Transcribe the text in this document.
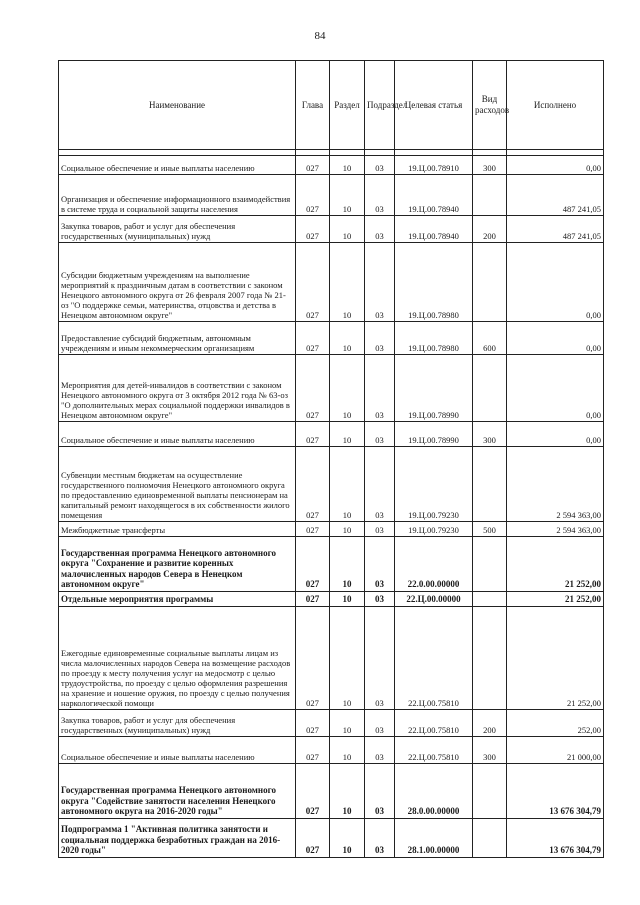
84
Наименование	Глава	Раздел	Подраздел	Целевая статья	Вид расходов	Исполнено

Социальное обеспечение и иные выплаты населению	027	10	03	19.Ц.00.78910	300	0,00
Организация и обеспечение информационного взаимодействия в системе труда и социальной защиты населения	027	10	03	19.Ц.00.78940		487 241,05
Закупка товаров, работ и услуг для обеспечения государственных (муниципальных) нужд	027	10	03	19.Ц.00.78940	200	487 241,05
Субсидии бюджетным учреждениям на выполнение мероприятий к праздничным датам в соответствии с законом Ненецкого автономного округа от 26 февраля 2007 года № 21-оз "О поддержке семьи, материнства, отцовства и детства в Ненецком автономном округе"	027	10	03	19.Ц.00.78980		0,00
Предоставление субсидий бюджетным, автономным учреждениям и иным некоммерческим организациям	027	10	03	19.Ц.00.78980	600	0,00
Мероприятия для детей-инвалидов в соответствии с законом Ненецкого автономного округа от 3 октября 2012 года № 63-оз "О дополнительных мерах социальной поддержки инвалидов в Ненецком автономном округе"	027	10	03	19.Ц.00.78990		0,00
Социальное обеспечение и иные выплаты населению	027	10	03	19.Ц.00.78990	300	0,00
Субвенции местным бюджетам на осуществление государственного полномочия Ненецкого автономного округа по предоставлению единовременной выплаты пенсионерам на капитальный ремонт находящегося в их собственности жилого помещения	027	10	03	19.Ц.00.79230		2 594 363,00
Межбюджетные трансферты	027	10	03	19.Ц.00.79230	500	2 594 363,00
Государственная программа Ненецкого автономного округа "Сохранение и развитие коренных малочисленных народов Севера в Ненецком автономном округе"	027	10	03	22.0.00.00000		21 252,00
Отдельные мероприятия программы	027	10	03	22.Ц.00.00000		21 252,00
Ежегодные единовременные социальные выплаты лицам из числа малочисленных народов Севера на возмещение расходов по проезду к месту получения услуг на медосмотр с целью трудоустройства, по проезду с целью оформления разрешения на хранение и ношение оружия, по проезду с целью получения наркологической помощи	027	10	03	22.Ц.00.75810		21 252,00
Закупка товаров, работ и услуг для обеспечения государственных (муниципальных) нужд	027	10	03	22.Ц.00.75810	200	252,00
Социальное обеспечение и иные выплаты населению	027	10	03	22.Ц.00.75810	300	21 000,00
Государственная программа Ненецкого автономного округа "Содействие занятости населения Ненецкого автономного округа на 2016-2020 годы"	027	10	03	28.0.00.00000		13 676 304,79
Подпрограмма 1 "Активная политика занятости и социальная поддержка безработных граждан на 2016-2020 годы"	027	10	03	28.1.00.00000		13 676 304,79
